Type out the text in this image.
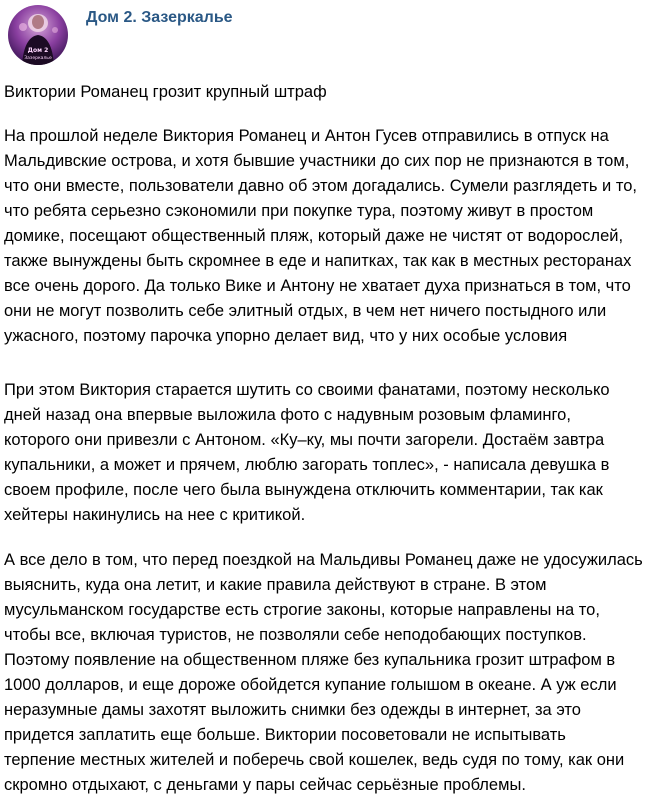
Дом 2
Зазеркалье
Дом 2. Зазеркалье
Виктории Романец грозит крупный штраф
На прошлой неделе Виктория Романец и Антон Гусев отправились в отпуск на
Мальдивские острова, и хотя бывшие участники до сих пор не признаются в том,
что они вместе, пользователи давно об этом догадались. Сумели разглядеть и то,
что ребята серьезно сэкономили при покупке тура, поэтому живут в простом
домике, посещают общественный пляж, который даже не чистят от водорослей,
также вынуждены быть скромнее в еде и напитках, так как в местных ресторанах
все очень дорого. Да только Вике и Антону не хватает духа признаться в том, что
они не могут позволить себе элитный отдых, в чем нет ничего постыдного или
ужасного, поэтому парочка упорно делает вид, что у них особые условия
При этом Виктория старается шутить со своими фанатами, поэтому несколько
дней назад она впервые выложила фото с надувным розовым фламинго,
которого они привезли с Антоном. «Ку–ку, мы почти загорели. Достаём завтра
купальники, а может и прячем, люблю загорать топлес», - написала девушка в
своем профиле, после чего была вынуждена отключить комментарии, так как
хейтеры накинулись на нее с критикой.
А все дело в том, что перед поездкой на Мальдивы Романец даже не удосужилась
выяснить, куда она летит, и какие правила действуют в стране. В этом
мусульманском государстве есть строгие законы, которые направлены на то,
чтобы все, включая туристов, не позволяли себе неподобающих поступков.
Поэтому появление на общественном пляже без купальника грозит штрафом в
1000 долларов, и еще дороже обойдется купание голышом в океане. А уж если
неразумные дамы захотят выложить снимки без одежды в интернет, за это
придется заплатить еще больше. Виктории посоветовали не испытывать
терпение местных жителей и поберечь свой кошелек, ведь судя по тому, как они
скромно отдыхают, с деньгами у пары сейчас серьёзные проблемы.
